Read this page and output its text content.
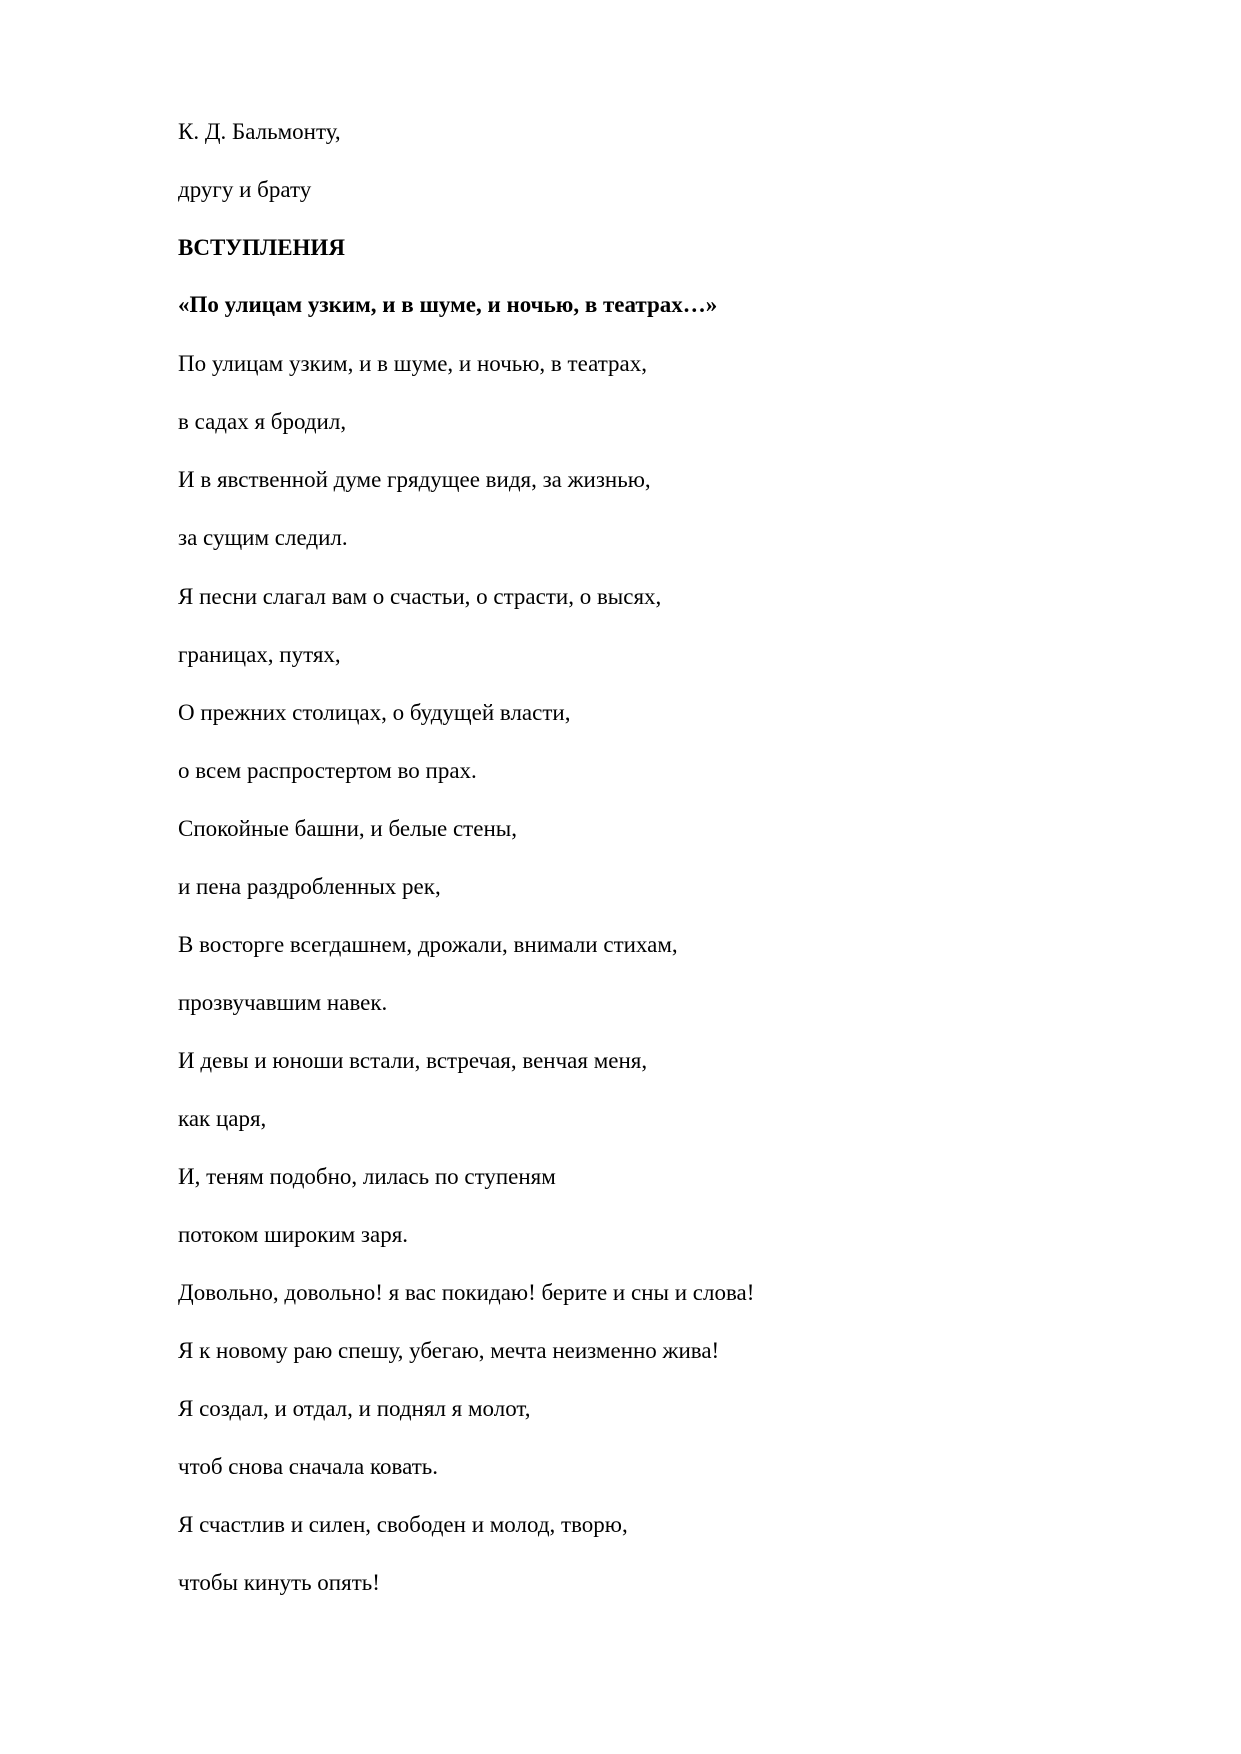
К. Д. Бальмонту,

другу и брату

ВСТУПЛЕНИЯ

«По улицам узким, и в шуме, и ночью, в театрах…»

По улицам узким, и в шуме, и ночью, в театрах,

в садах я бродил,

И в явственной думе грядущее видя, за жизнью,

за сущим следил.

Я песни слагал вам о счастьи, о страсти, о высях,

границах, путях,

О прежних столицах, о будущей власти,

о всем распростертом во прах.

Спокойные башни, и белые стены,

и пена раздробленных рек,

В восторге всегдашнем, дрожали, внимали стихам,

прозвучавшим навек.

И девы и юноши встали, встречая, венчая меня,

как царя,

И, теням подобно, лилась по ступеням

потоком широким заря.

Довольно, довольно! я вас покидаю! берите и сны и слова!

Я к новому раю спешу, убегаю, мечта неизменно жива!

Я создал, и отдал, и поднял я молот,

чтоб снова сначала ковать.

Я счастлив и силен, свободен и молод, творю,

чтобы кинуть опять!
